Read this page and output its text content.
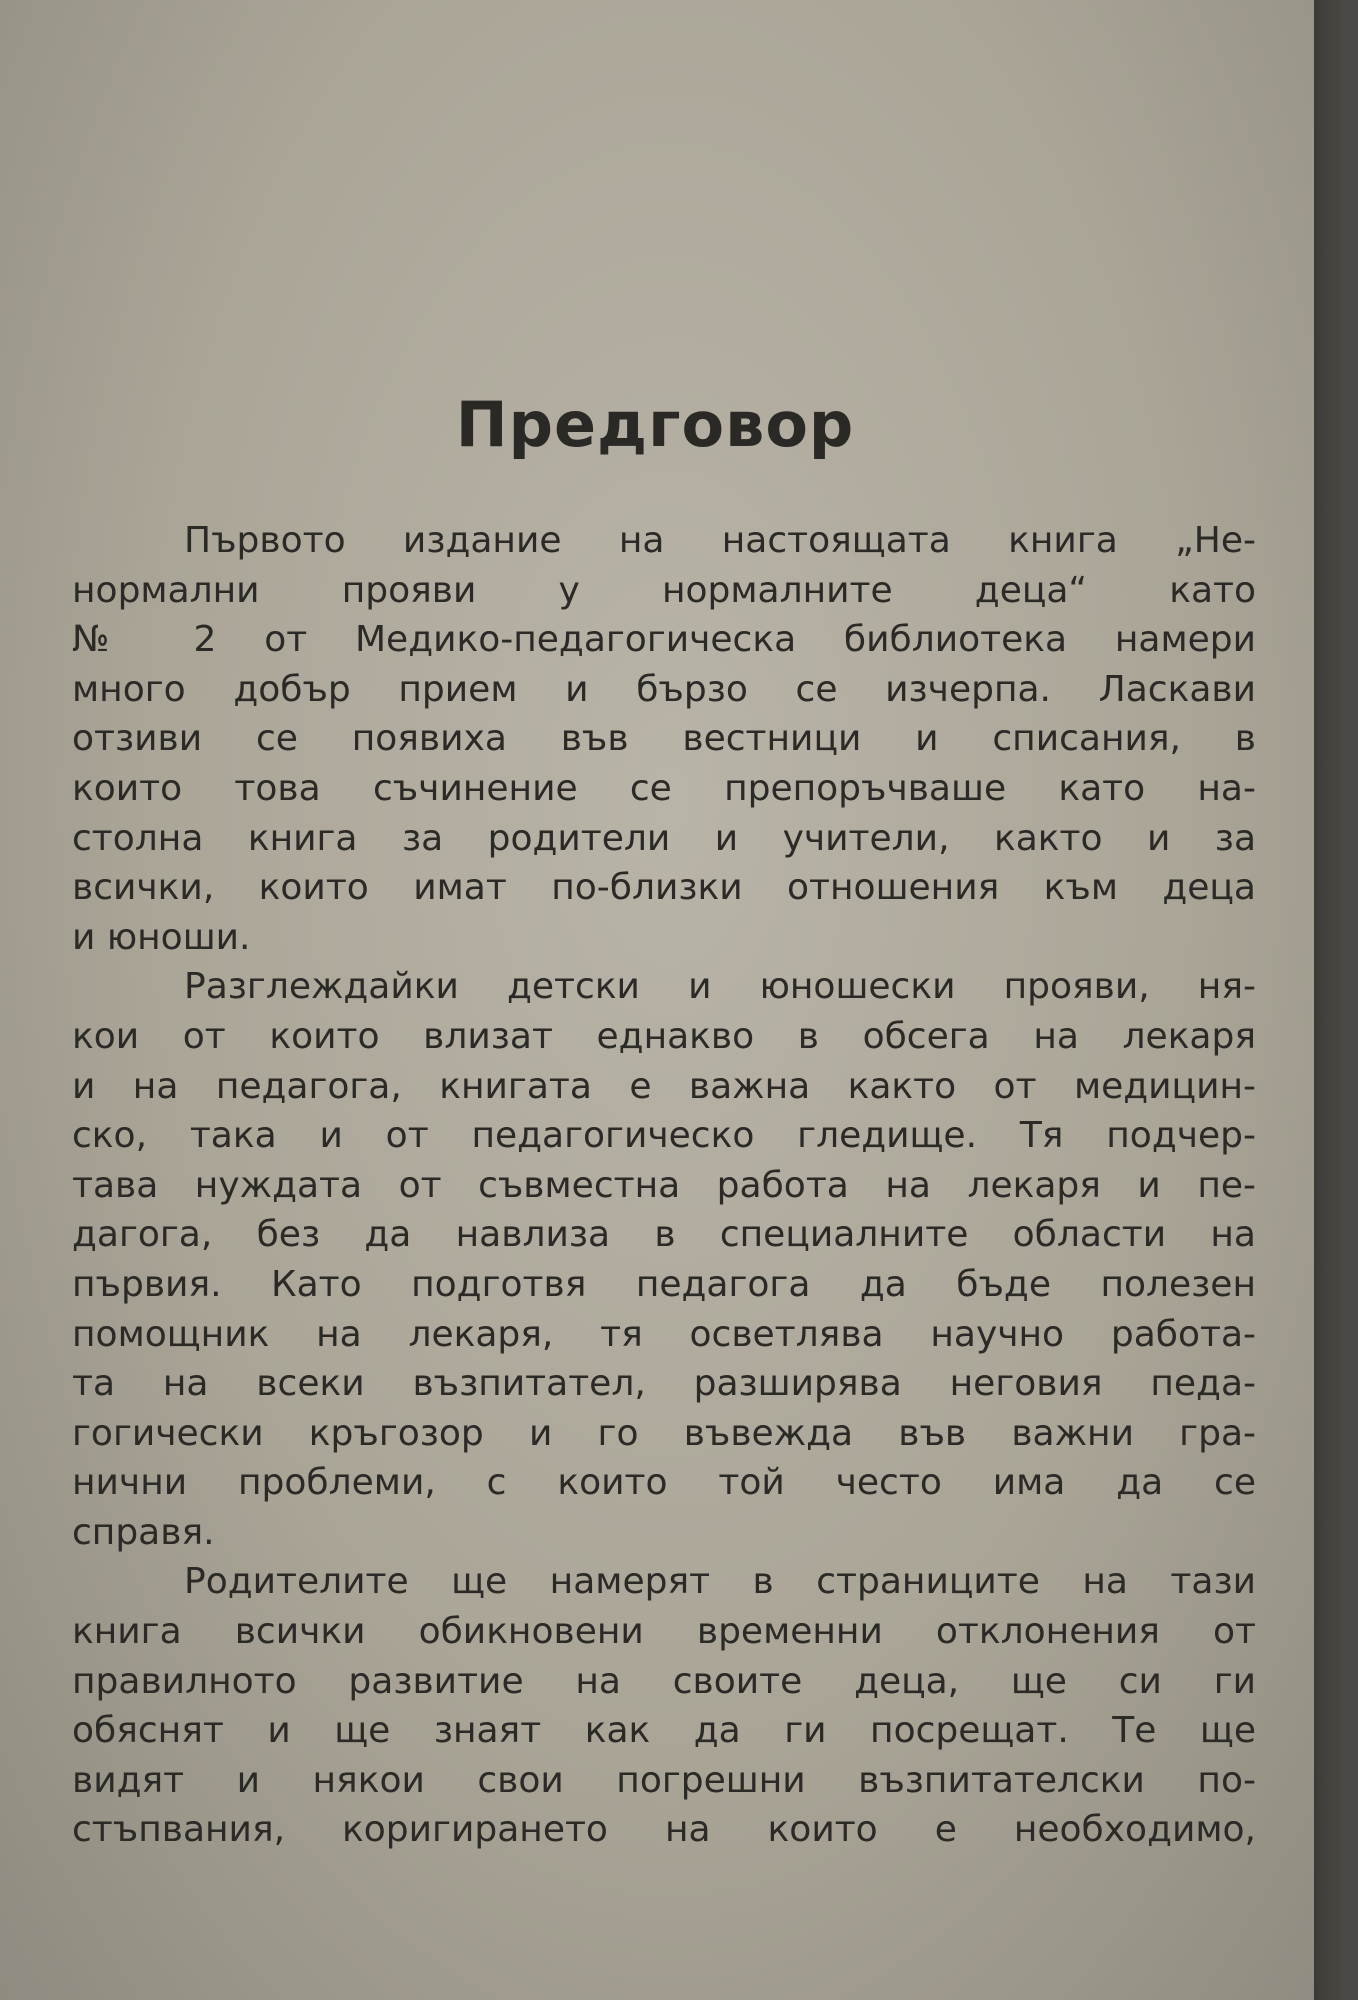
Предговор
Първото издание на настоящата книга „Не-
нормални прояви у нормалните деца“ като
№ 2 от Медико-педагогическа библиотека намери
много добър прием и бързо се изчерпа. Ласкави
отзиви се появиха във вестници и списания, в
които това съчинение се препоръчваше като на-
столна книга за родители и учители, както и за
всички, които имат по-близки отношения към деца
и юноши.
Разглеждайки детски и юношески прояви, ня-
кои от които влизат еднакво в обсега на лекаря
и на педагога, книгата е важна както от медицин-
ско, така и от педагогическо гледище. Тя подчер-
тава нуждата от съвместна работа на лекаря и пе-
дагога, без да навлиза в специалните области на
първия. Като подготвя педагога да бъде полезен
помощник на лекаря, тя осветлява научно работа-
та на всеки възпитател, разширява неговия педа-
гогически кръгозор и го въвежда във важни гра-
нични проблеми, с които той често има да се
справя.
Родителите ще намерят в страниците на тази
книга всички обикновени временни отклонения от
правилното развитие на своите деца, ще си ги
обяснят и ще знаят как да ги посрещат. Те ще
видят и някои свои погрешни възпитателски по-
стъпвания, коригирането на които е необходимо,
